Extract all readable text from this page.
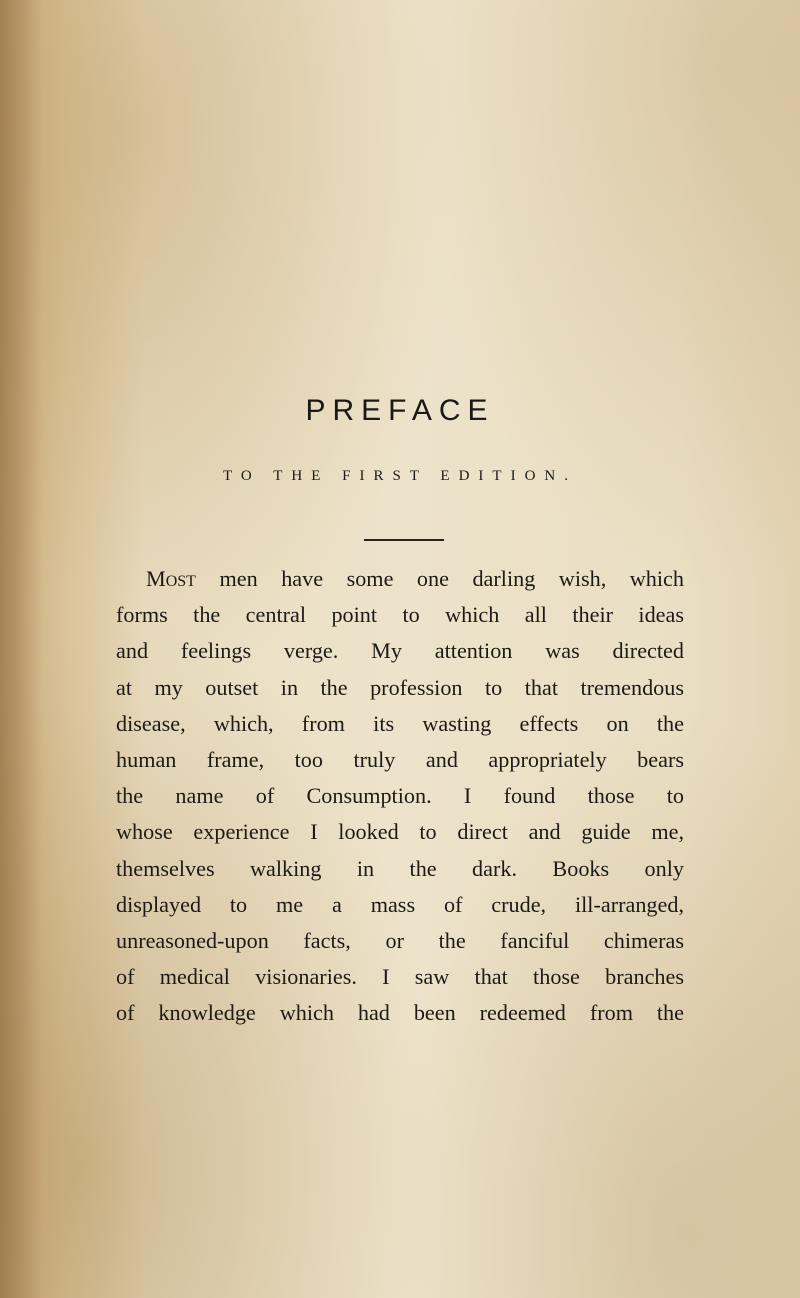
PREFACE

TO THE FIRST EDITION.

Most men have some one darling wish, which
forms the central point to which all their ideas
and feelings verge. My attention was directed
at my outset in the profession to that tremendous
disease, which, from its wasting effects on the
human frame, too truly and appropriately bears
the name of Consumption. I found those to
whose experience I looked to direct and guide me,
themselves walking in the dark. Books only
displayed to me a mass of crude, ill-arranged,
unreasoned-upon facts, or the fanciful chimeras
of medical visionaries. I saw that those branches
of knowledge which had been redeemed from the
